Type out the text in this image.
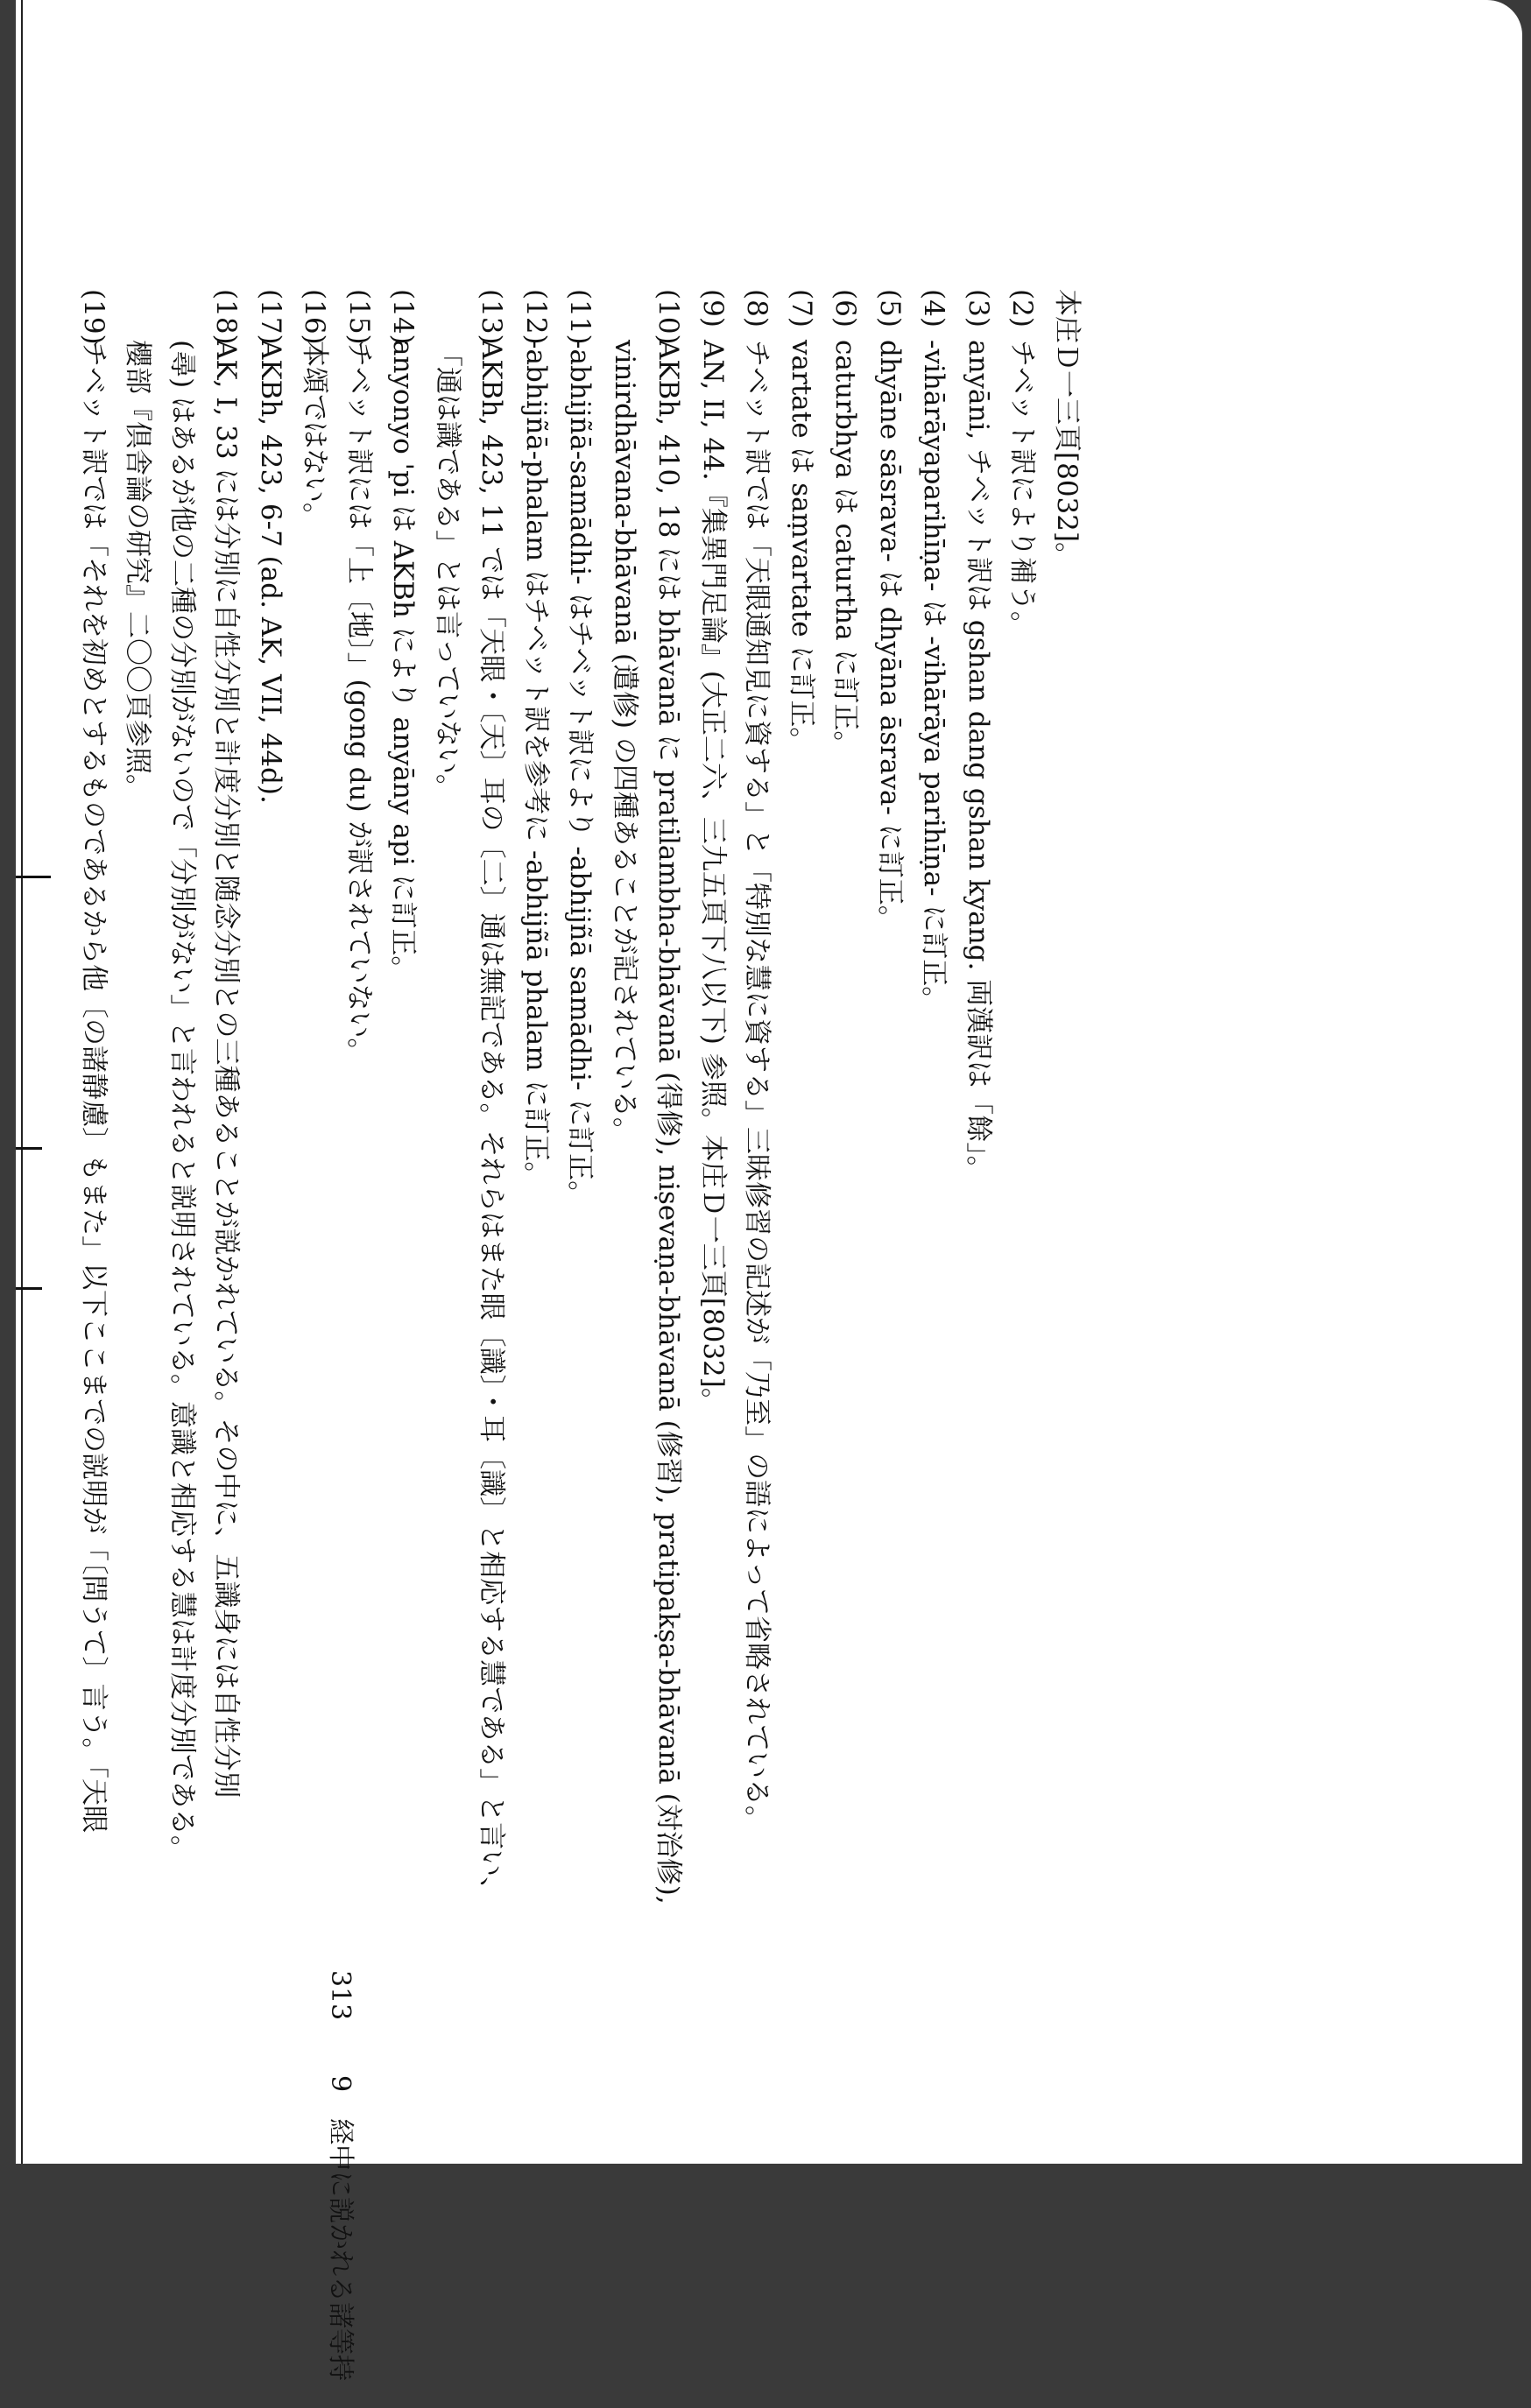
本庄Ｄ一三頁[8032]。
(2)チベット訳により補う。
(3)anyāni, チベット訳は gshan dang gshan kyang. 両漢訳は「餘」。
(4)-vihārāyaparihīṇa- は -vihārāya parihīṇa- に訂正。
(5)dhyāne sāsrava- は dhyāna āsrava- に訂正。
(6)caturbhya は caturtha に訂正。
(7)vartate は saṃvartate に訂正。
(8)チベット訳では「天眼通知見に資する」と「特別な慧に資する」三昧修習の記述が「乃至」の語によって省略されている。
(9)AN, II, 44.『集異門足論』(大正二六、三九五頁下八以下) 参照。本庄Ｄ一三頁[8032]。
(10)AKBh, 410, 18 には bhāvanā に pratilambha-bhāvanā (得修), niṣevaṇa-bhāvanā (修習), pratipakṣa-bhāvanā (対治修),
vinirdhāvana-bhāvanā (遣修) の四種あることが記されている。
(11)-abhijñā-samādhi- はチベット訳により -abhijñā samādhi- に訂正。
(12)-abhijñā-phalam はチベット訳を参考に -abhijñā phalam に訂正。
(13)AKBh, 423, 11 では「天眼・〔天〕耳の〔二〕通は無記である。それらはまた眼〔識〕・耳〔識〕と相応する慧である」と言い、
「通は識である」とは言っていない。
(14)anyonyo 'pi は AKBh により anyāny api に訂正。
(15)チベット訳には「上〔地〕」(gong du) が訳されていない。
(16)本頌ではない。
(17)AKBh, 423, 6-7 (ad. AK, VII, 44d).
(18)AK, I, 33 には分別に自性分別と計度分別と随念分別との三種あることが説かれている。その中に、五識身には自性分別
(尋) はあるが他の二種の分別がないので「分別がない」と言われると説明されている。意識と相応する慧は計度分別である。
櫻部『倶舎論の研究』二〇〇頁参照。
(19)チベット訳では「それを初めとするものであるから他〔の諸静慮〕もまた」以下ここまでの説明が「〔問うて〕言う。「天眼
3139　経中に説かれる諸等持
